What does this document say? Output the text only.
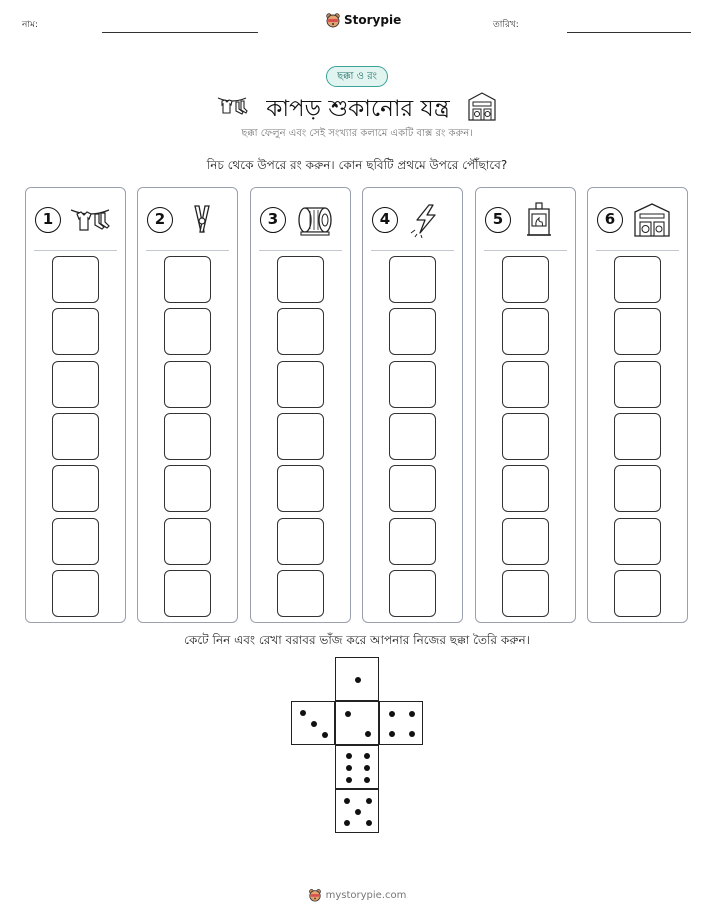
নাম:	Storypie	তারিখ:
ছক্কা ও রং
কাপড় শুকানোর যন্ত্র
ছক্কা ফেলুন এবং সেই সংখ্যার কলামে একটি বাক্স রং করুন।
নিচ থেকে উপরে রং করুন। কোন ছবিটি প্রথমে উপরে পৌঁছাবে?
1	2	3	4	5	6
কেটে নিন এবং রেখা বরাবর ভাঁজ করে আপনার নিজের ছক্কা তৈরি করুন।
mystorypie.com
